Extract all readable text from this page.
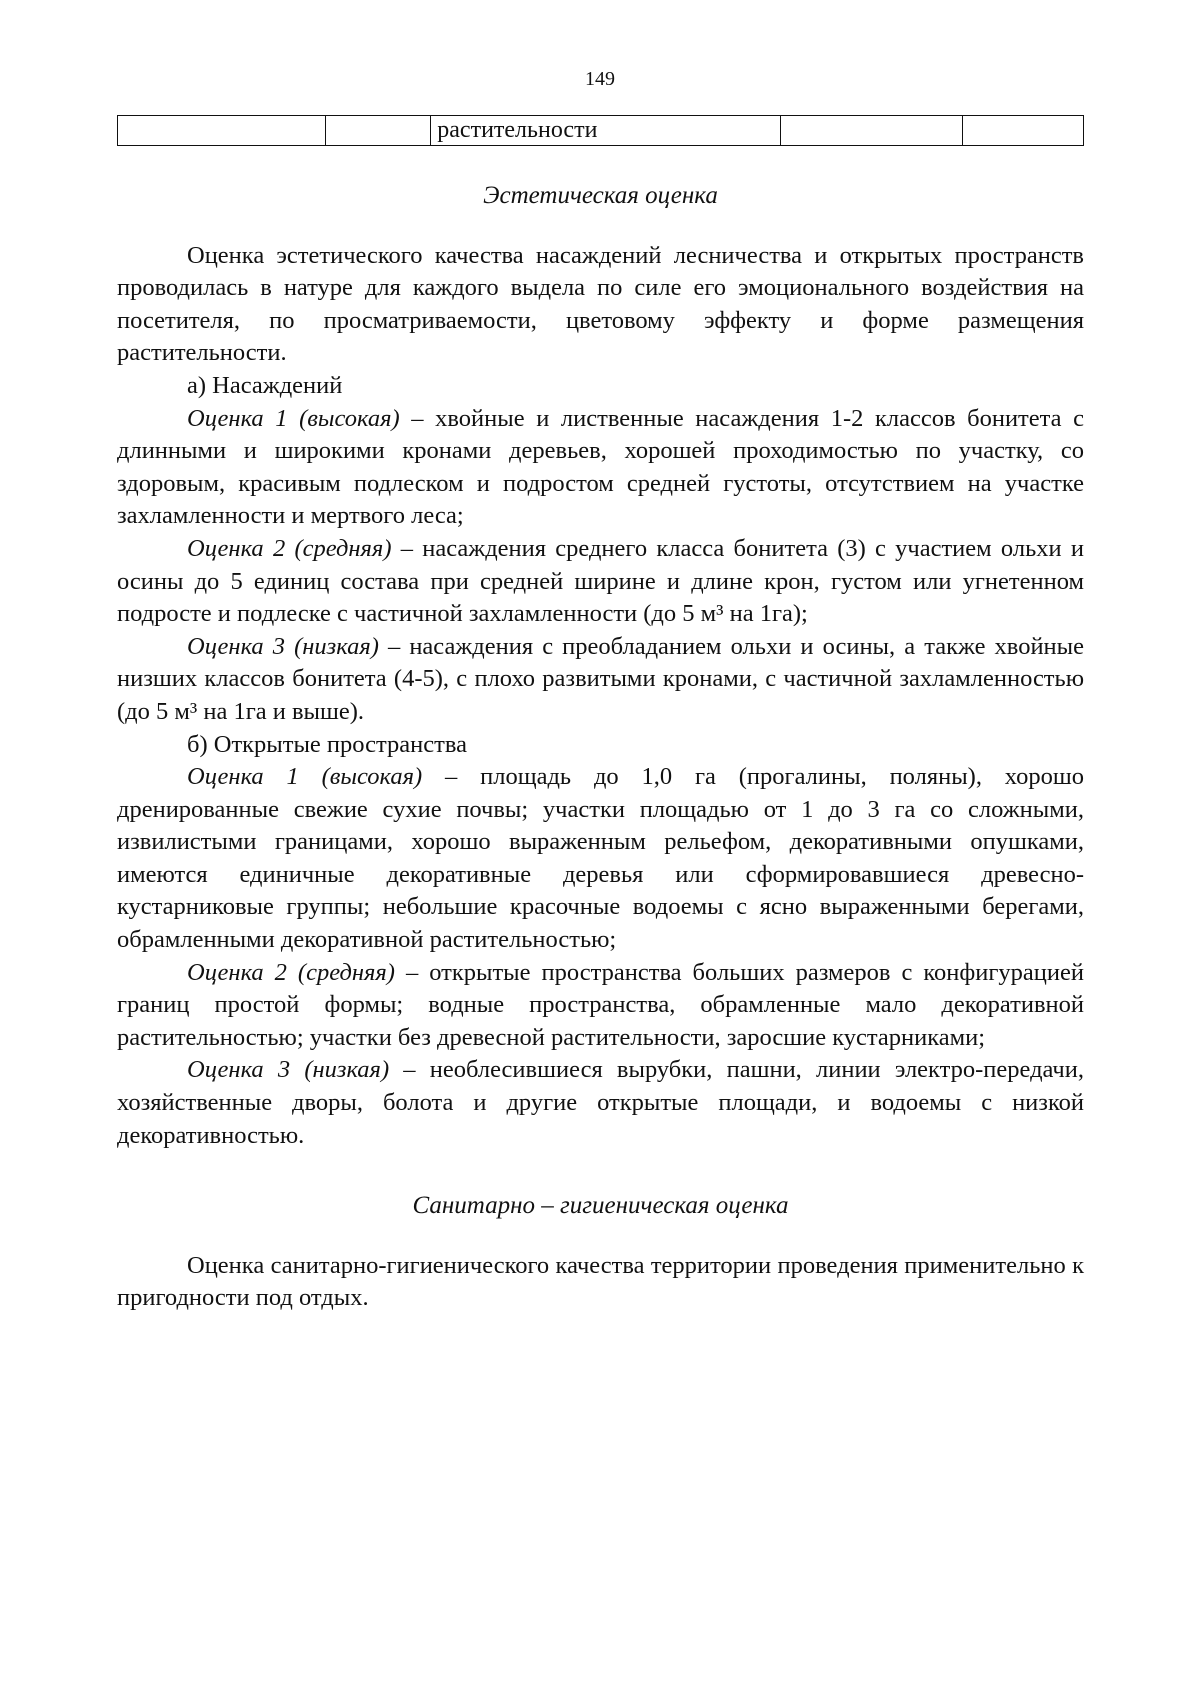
149
		растительности		
Эстетическая оценка

Оценка эстетического качества насаждений лесничества и открытых пространств проводилась в натуре для каждого выдела по силе его эмоционального воздействия на посетителя, по просматриваемости, цветовому эффекту и форме размещения растительности.

а) Насаждений

Оценка 1 (высокая) – хвойные и лиственные насаждения 1-2 классов бонитета с длинными и широкими кронами деревьев, хорошей проходимостью по участку, со здоровым, красивым подлеском и подростом средней густоты, отсутствием на участке захламленности и мертвого леса;

Оценка 2 (средняя) – насаждения среднего класса бонитета (3) с участием ольхи и осины до 5 единиц состава при средней ширине и длине крон, густом или угнетенном подросте и подлеске с частичной захламленности (до 5 м³ на 1га);

Оценка 3 (низкая) – насаждения с преобладанием ольхи и осины, а также хвойные низших классов бонитета (4-5), с плохо развитыми кронами, с частичной захламленностью (до 5 м³ на 1га и выше).

б) Открытые пространства

Оценка 1 (высокая) – площадь до 1,0 га (прогалины, поляны), хорошо дренированные свежие сухие почвы; участки площадью от 1 до 3 га со сложными, извилистыми границами, хорошо выраженным рельефом, декоративными опушками, имеются единичные декоративные деревья или сформировавшиеся древесно-кустарниковые группы; небольшие красочные водоемы с ясно выраженными берегами, обрамленными декоративной растительностью;

Оценка 2 (средняя) – открытые пространства больших размеров с конфигурацией границ простой формы; водные пространства, обрамленные мало декоративной растительностью; участки без древесной растительности, заросшие кустарниками;

Оценка 3 (низкая) – необлесившиеся вырубки, пашни, линии электро-передачи, хозяйственные дворы, болота и другие открытые площади, и водоемы с низкой декоративностью.

Санитарно – гигиеническая оценка

Оценка санитарно-гигиенического качества территории проведения применительно к пригодности под отдых.
